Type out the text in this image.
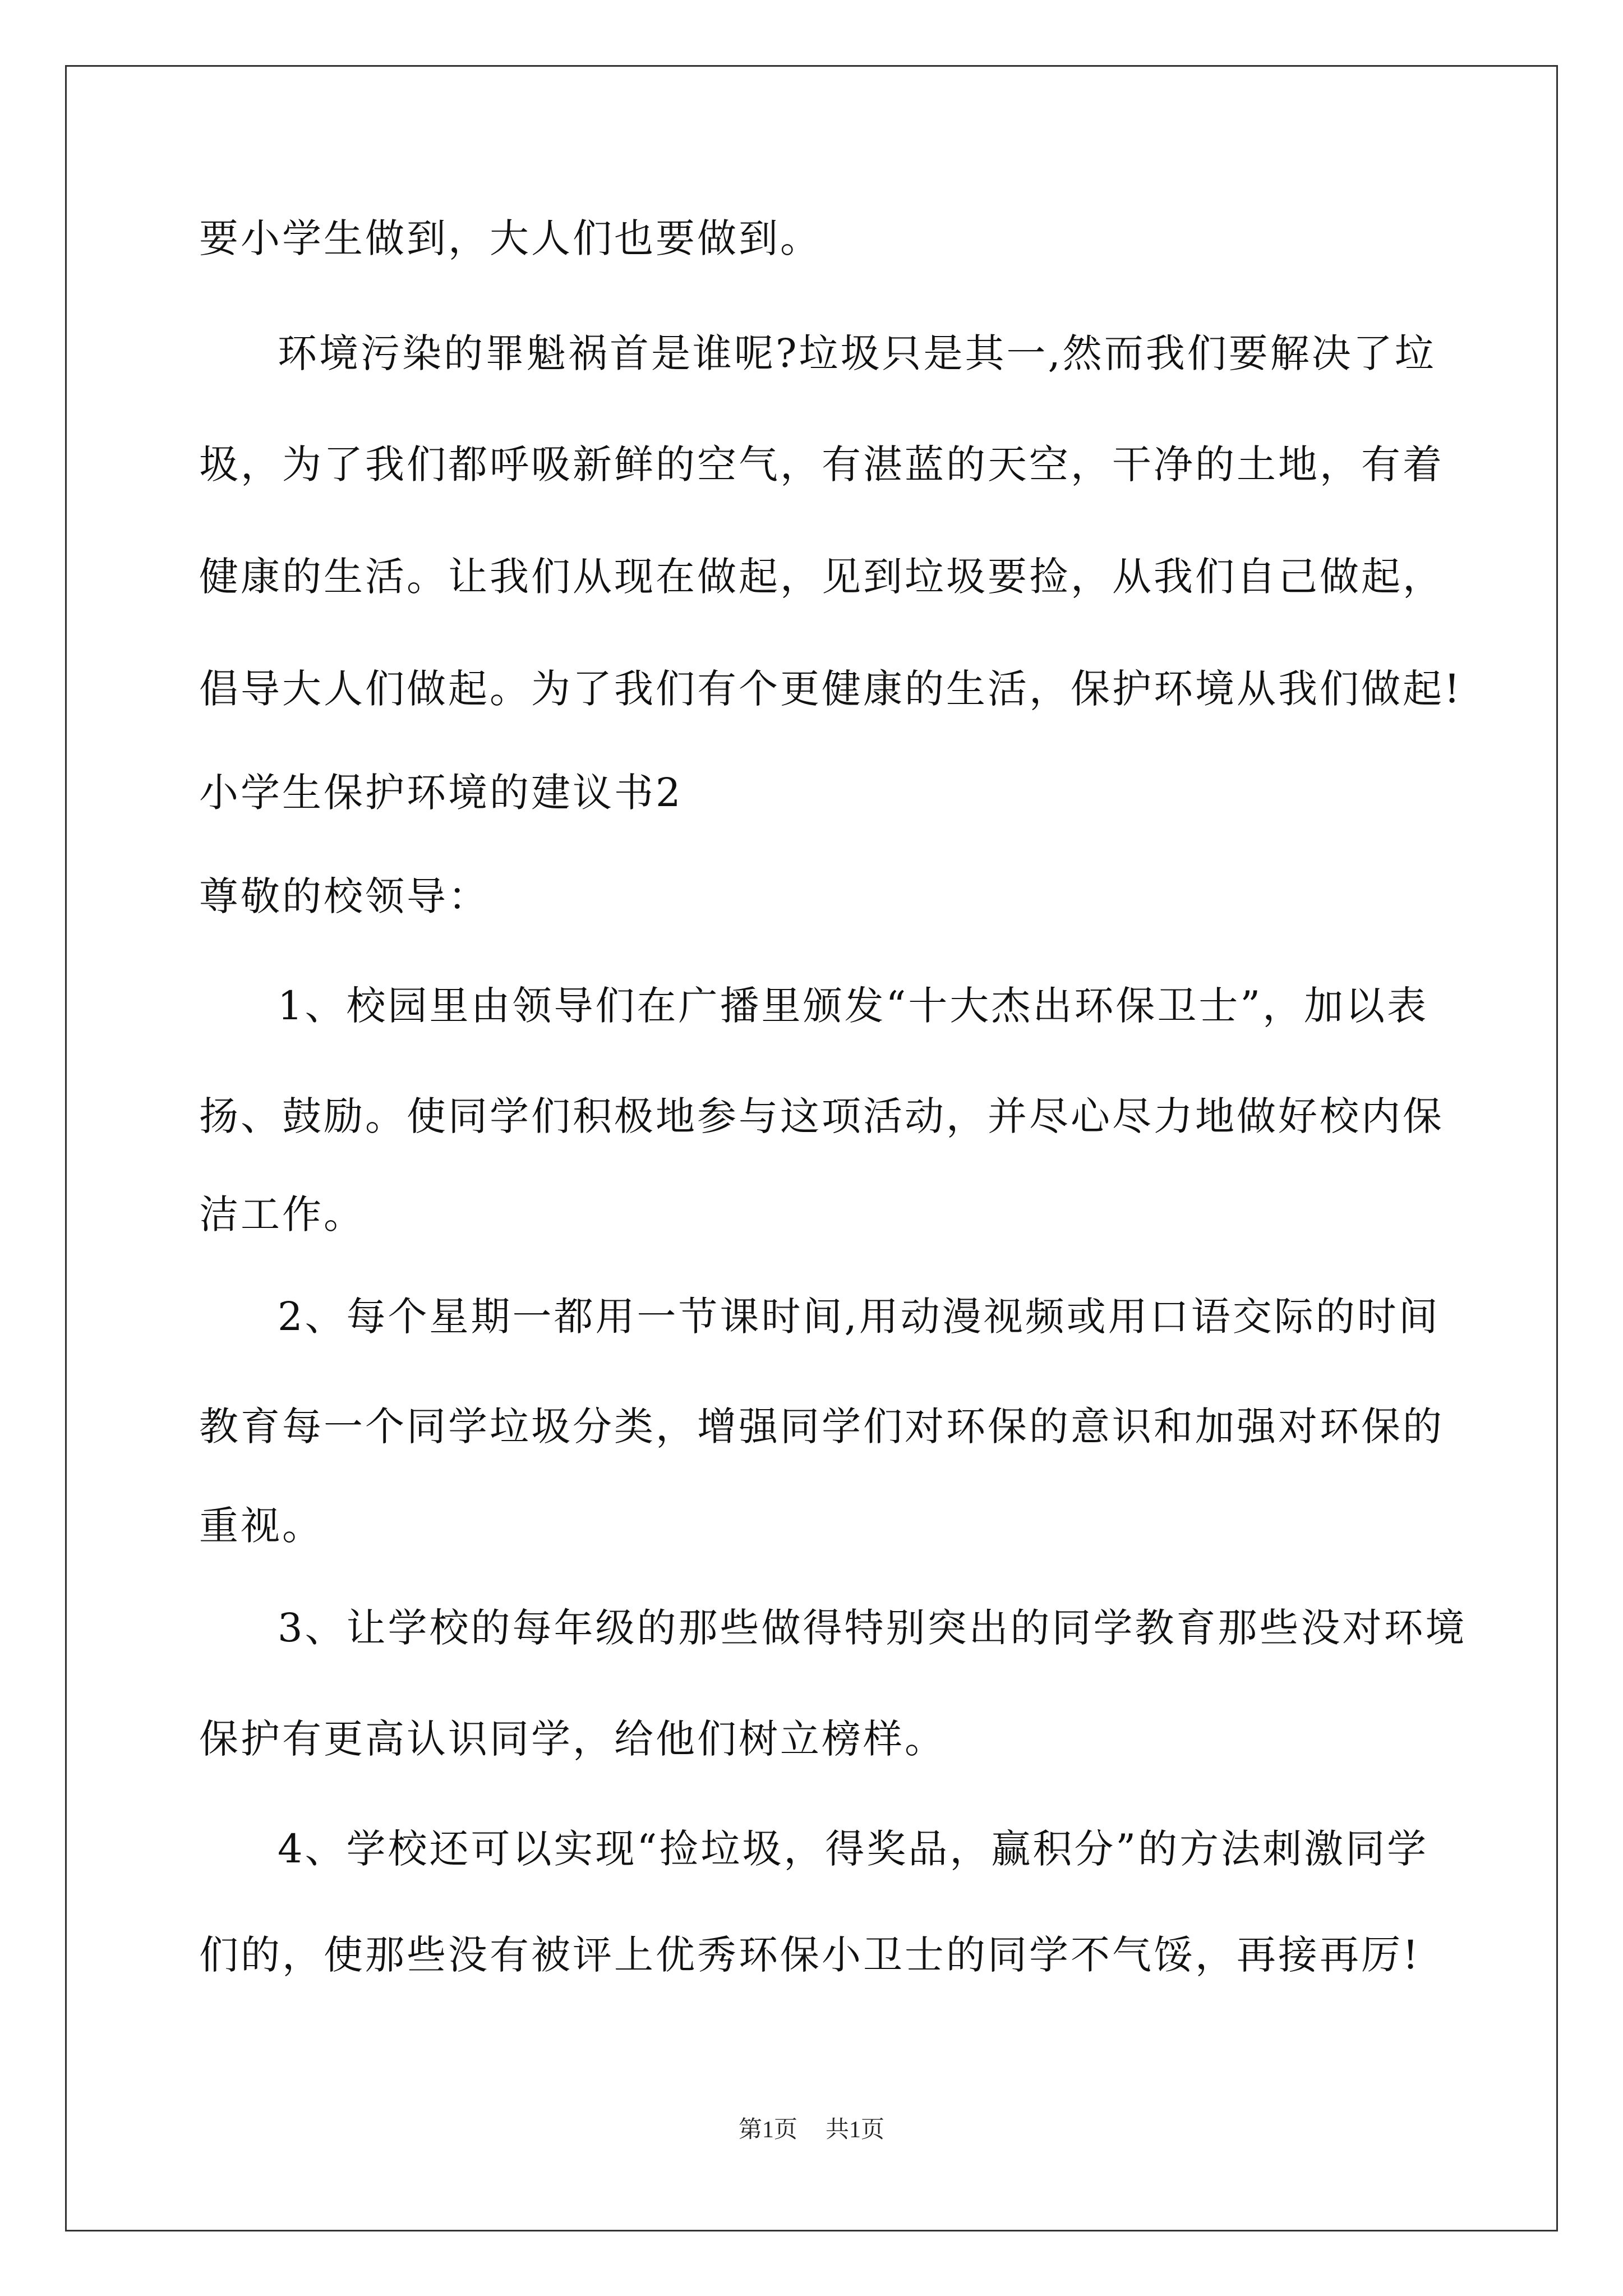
要小学生做到，大人们也要做到。
环境污染的罪魁祸首是谁呢?垃圾只是其一,然而我们要解决了垃
圾，为了我们都呼吸新鲜的空气，有湛蓝的天空，干净的土地，有着
健康的生活。让我们从现在做起，见到垃圾要捡，从我们自己做起，
倡导大人们做起。为了我们有个更健康的生活，保护环境从我们做起!
小学生保护环境的建议书2
尊敬的校领导：
1、校园里由领导们在广播里颁发“十大杰出环保卫士”，加以表
扬、鼓励。使同学们积极地参与这项活动，并尽心尽力地做好校内保
洁工作。
2、每个星期一都用一节课时间,用动漫视频或用口语交际的时间
教育每一个同学垃圾分类，增强同学们对环保的意识和加强对环保的
重视。
3、让学校的每年级的那些做得特别突出的同学教育那些没对环境
保护有更高认识同学，给他们树立榜样。
4、学校还可以实现“捡垃圾，得奖品，赢积分”的方法刺激同学
们的，使那些没有被评上优秀环保小卫士的同学不气馁，再接再厉!
第1页 共1页
